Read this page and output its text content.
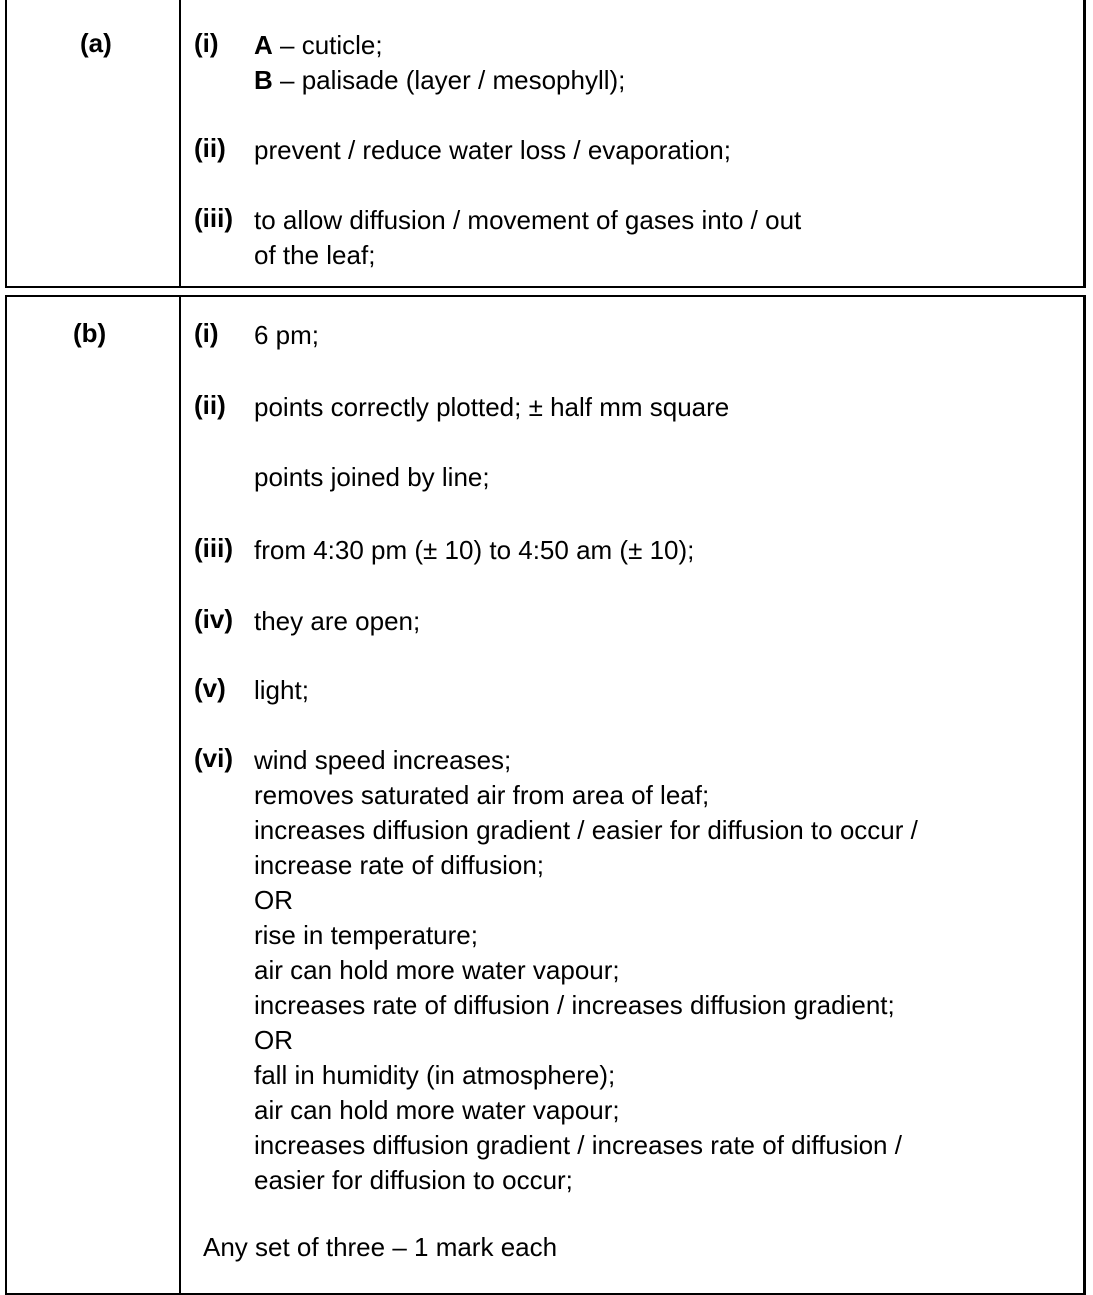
(a)	(i) A – cuticle;
B – palisade (layer / mesophyll);
(ii) prevent / reduce water loss / evaporation;
(iii) to allow diffusion / movement of gases into / out
of the leaf;
(b)
Any set of three – 1 mark each
(i) 6 pm;
(ii) points correctly plotted; ± half mm square

points joined by line;
(iii) from 4:30 pm (± 10) to 4:50 am (± 10);
(iv) they are open;
(v) light;
(vi) wind speed increases;
removes saturated air from area of leaf;
increases diffusion gradient / easier for diffusion to occur /
increase rate of diffusion;
OR
rise in temperature;
air can hold more water vapour;
increases rate of diffusion / increases diffusion gradient;
OR
fall in humidity (in atmosphere);
air can hold more water vapour;
increases diffusion gradient / increases rate of diffusion /
easier for diffusion to occur;
